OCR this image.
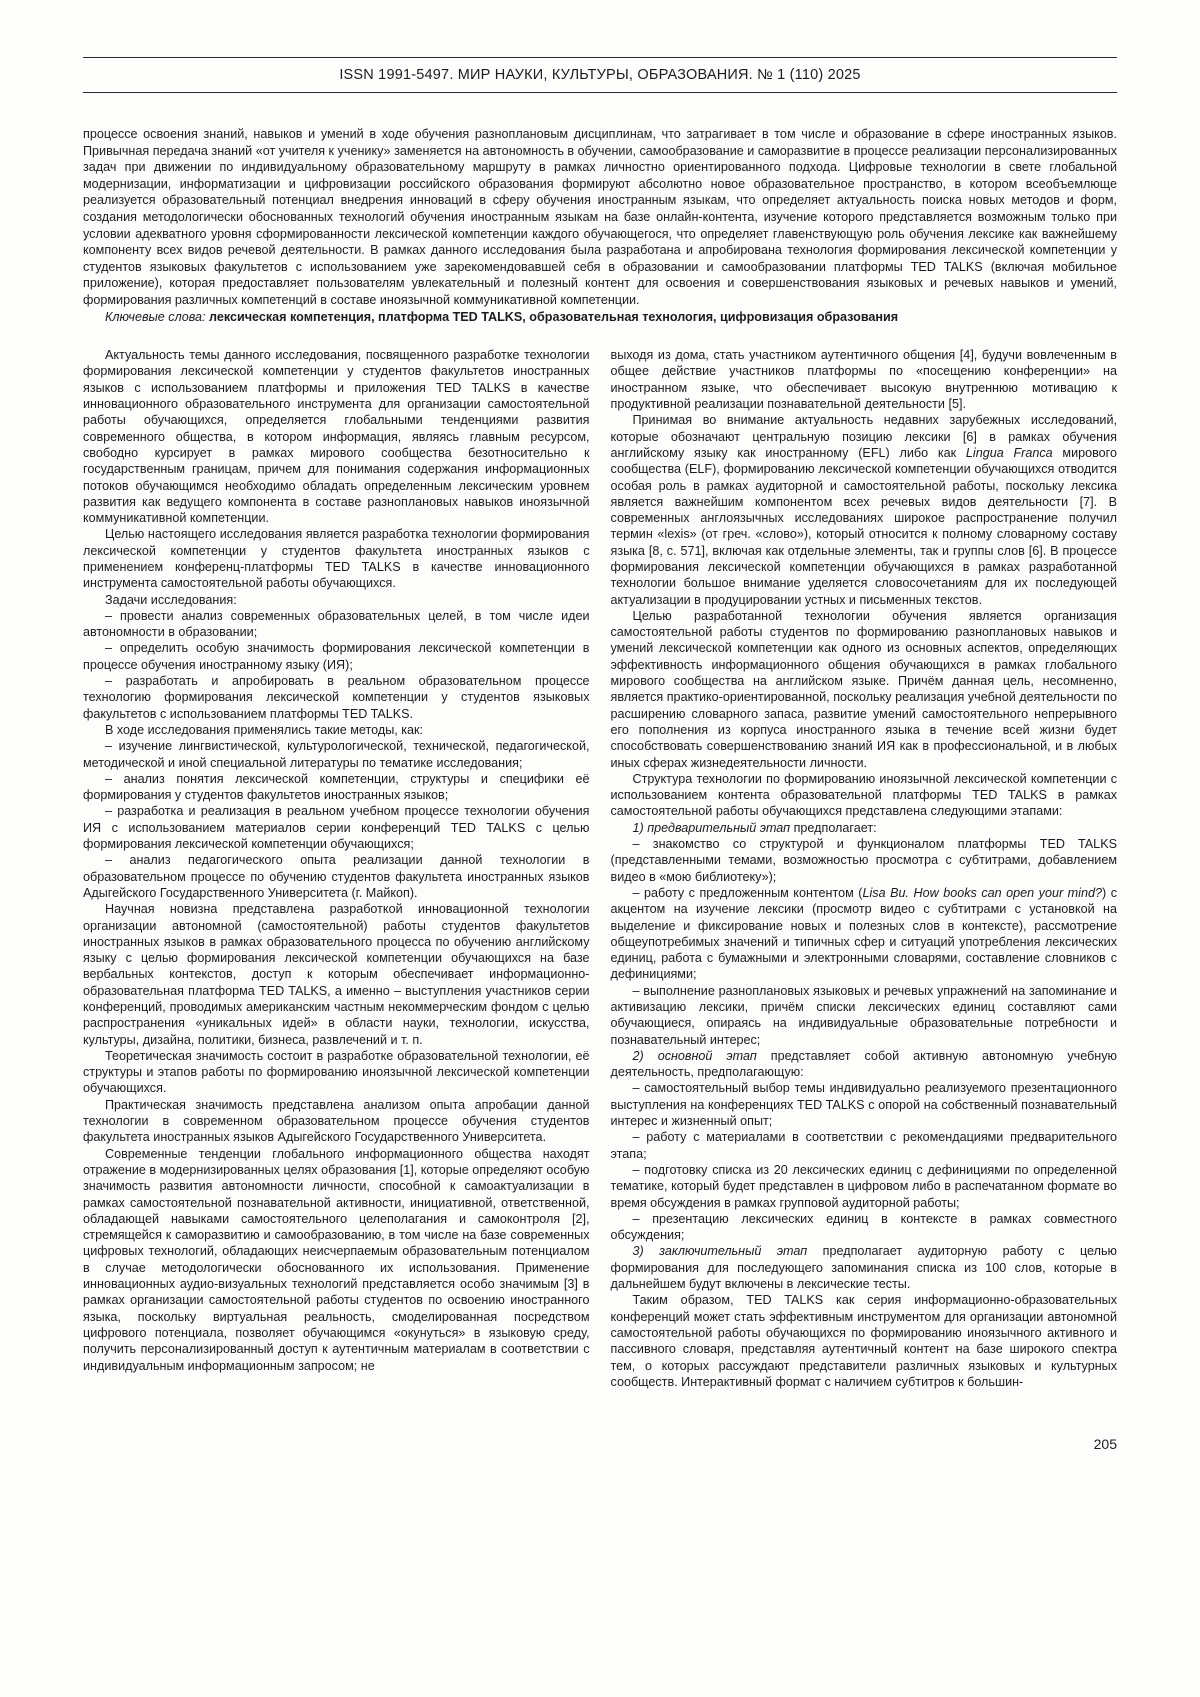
ISSN 1991-5497. МИР НАУКИ, КУЛЬТУРЫ, ОБРАЗОВАНИЯ. № 1 (110) 2025

процессе освоения знаний, навыков и умений в ходе обучения разноплановым дисциплинам, что затрагивает в том числе и образование в сфере иностранных языков. Привычная передача знаний «от учителя к ученику» заменяется на автономность в обучении, самообразование и саморазвитие в процессе реализации персонализированных задач при движении по индивидуальному образовательному маршруту в рамках личностно ориентированного подхода. Цифровые технологии в свете глобальной модернизации, информатизации и цифровизации российского образования формируют абсолютно новое образовательное пространство, в котором всеобъемлюще реализуется образовательный потенциал внедрения инноваций в сферу обучения иностранным языкам, что определяет актуальность поиска новых методов и форм, создания методологически обоснованных технологий обучения иностранным языкам на базе онлайн-контента, изучение которого представляется возможным только при условии адекватного уровня сформированности лексической компетенции каждого обучающегося, что определяет главенствующую роль обучения лексике как важнейшему компоненту всех видов речевой деятельности. В рамках данного исследования была разработана и апробирована технология формирования лексической компетенции у студентов языковых факультетов с использованием уже зарекомендовавшей себя в образовании и самообразовании платформы TED TALKS (включая мобильное приложение), которая предоставляет пользователям увлекательный и полезный контент для освоения и совершенствования языковых и речевых навыков и умений, формирования различных компетенций в составе иноязычной коммуникативной компетенции.

Ключевые слова: лексическая компетенция, платформа TED TALKS, образовательная технология, цифровизация образования

Актуальность темы данного исследования, посвященного разработке технологии формирования лексической компетенции у студентов факультетов иностранных языков с использованием платформы и приложения TED TALKS в качестве инновационного образовательного инструмента для организации самостоятельной работы обучающихся, определяется глобальными тенденциями развития современного общества, в котором информация, являясь главным ресурсом, свободно курсирует в рамках мирового сообщества безотносительно к государственным границам, причем для понимания содержания информационных потоков обучающимся необходимо обладать определенным лексическим уровнем развития как ведущего компонента в составе разноплановых навыков иноязычной коммуникативной компетенции.

Целью настоящего исследования является разработка технологии формирования лексической компетенции у студентов факультета иностранных языков с применением конференц-платформы TED TALKS в качестве инновационного инструмента самостоятельной работы обучающихся.

Задачи исследования:

– провести анализ современных образовательных целей, в том числе идеи автономности в образовании;

– определить особую значимость формирования лексической компетенции в процессе обучения иностранному языку (ИЯ);

– разработать и апробировать в реальном образовательном процессе технологию формирования лексической компетенции у студентов языковых факультетов с использованием платформы TED TALKS.

В ходе исследования применялись такие методы, как:

– изучение лингвистической, культурологической, технической, педагогической, методической и иной специальной литературы по тематике исследования;

– анализ понятия лексической компетенции, структуры и специфики её формирования у студентов факультетов иностранных языков;

– разработка и реализация в реальном учебном процессе технологии обучения ИЯ с использованием материалов серии конференций TED TALKS с целью формирования лексической компетенции обучающихся;

– анализ педагогического опыта реализации данной технологии в образовательном процессе по обучению студентов факультета иностранных языков Адыгейского Государственного Университета (г. Майкоп).

Научная новизна представлена разработкой инновационной технологии организации автономной (самостоятельной) работы студентов факультетов иностранных языков в рамках образовательного процесса по обучению английскому языку с целью формирования лексической компетенции обучающихся на базе вербальных контекстов, доступ к которым обеспечивает информационно-образовательная платформа TED TALKS, а именно – выступления участников серии конференций, проводимых американским частным некоммерческим фондом с целью распространения «уникальных идей» в области науки, технологии, искусства, культуры, дизайна, политики, бизнеса, развлечений и т. п.

Теоретическая значимость состоит в разработке образовательной технологии, её структуры и этапов работы по формированию иноязычной лексической компетенции обучающихся.

Практическая значимость представлена анализом опыта апробации данной технологии в современном образовательном процессе обучения студентов факультета иностранных языков Адыгейского Государственного Университета.

Современные тенденции глобального информационного общества находят отражение в модернизированных целях образования [1], которые определяют особую значимость развития автономности личности, способной к самоактуализации в рамках самостоятельной познавательной активности, инициативной, ответственной, обладающей навыками самостоятельного целеполагания и самоконтроля [2], стремящейся к саморазвитию и самообразованию, в том числе на базе современных цифровых технологий, обладающих неисчерпаемым образовательным потенциалом в случае методологически обоснованного их использования. Применение инновационных аудио-визуальных технологий представляется особо значимым [3] в рамках организации самостоятельной работы студентов по освоению иностранного языка, поскольку виртуальная реальность, смоделированная посредством цифрового потенциала, позволяет обучающимся «окунуться» в языковую среду, получить персонализированный доступ к аутентичным материалам в соответствии с индивидуальным информационным запросом; не

выходя из дома, стать участником аутентичного общения [4], будучи вовлеченным в общее действие участников платформы по «посещению конференции» на иностранном языке, что обеспечивает высокую внутреннюю мотивацию к продуктивной реализации познавательной деятельности [5].

Принимая во внимание актуальность недавних зарубежных исследований, которые обозначают центральную позицию лексики [6] в рамках обучения английскому языку как иностранному (EFL) либо как Lingua Franca мирового сообщества (ELF), формированию лексической компетенции обучающихся отводится особая роль в рамках аудиторной и самостоятельной работы, поскольку лексика является важнейшим компонентом всех речевых видов деятельности [7]. В современных англоязычных исследованиях широкое распространение получил термин «lexis» (от греч. «слово»), который относится к полному словарному составу языка [8, с. 571], включая как отдельные элементы, так и группы слов [6]. В процессе формирования лексической компетенции обучающихся в рамках разработанной технологии большое внимание уделяется словосочетаниям для их последующей актуализации в продуцировании устных и письменных текстов.

Целью разработанной технологии обучения является организация самостоятельной работы студентов по формированию разноплановых навыков и умений лексической компетенции как одного из основных аспектов, определяющих эффективность информационного общения обучающихся в рамках глобального мирового сообщества на английском языке. Причём данная цель, несомненно, является практико-ориентированной, поскольку реализация учебной деятельности по расширению словарного запаса, развитие умений самостоятельного непрерывного его пополнения из корпуса иностранного языка в течение всей жизни будет способствовать совершенствованию знаний ИЯ как в профессиональной, и в любых иных сферах жизнедеятельности личности.

Структура технологии по формированию иноязычной лексической компетенции с использованием контента образовательной платформы TED TALKS в рамках самостоятельной работы обучающихся представлена следующими этапами:

1) предварительный этап предполагает:

– знакомство со структурой и функционалом платформы TED TALKS (представленными темами, возможностью просмотра с субтитрами, добавлением видео в «мою библиотеку»);

– работу с предложенным контентом (Lisa Bu. How books can open your mind?) с акцентом на изучение лексики (просмотр видео с субтитрами с установкой на выделение и фиксирование новых и полезных слов в контексте), рассмотрение общеупотребимых значений и типичных сфер и ситуаций употребления лексических единиц, работа с бумажными и электронными словарями, составление словников с дефинициями;

– выполнение разноплановых языковых и речевых упражнений на запоминание и активизацию лексики, причём списки лексических единиц составляют сами обучающиеся, опираясь на индивидуальные образовательные потребности и познавательный интерес;

2) основной этап представляет собой активную автономную учебную деятельность, предполагающую:

– самостоятельный выбор темы индивидуально реализуемого презентационного выступления на конференциях TED TALKS с опорой на собственный познавательный интерес и жизненный опыт;

– работу с материалами в соответствии с рекомендациями предварительного этапа;

– подготовку списка из 20 лексических единиц с дефинициями по определенной тематике, который будет представлен в цифровом либо в распечатанном формате во время обсуждения в рамках групповой аудиторной работы;

– презентацию лексических единиц в контексте в рамках совместного обсуждения;

3) заключительный этап предполагает аудиторную работу с целью формирования для последующего запоминания списка из 100 слов, которые в дальнейшем будут включены в лексические тесты.

Таким образом, TED TALKS как серия информационно-образовательных конференций может стать эффективным инструментом для организации автономной самостоятельной работы обучающихся по формированию иноязычного активного и пассивного словаря, представляя аутентичный контент на базе широкого спектра тем, о которых рассуждают представители различных языковых и культурных сообществ. Интерактивный формат с наличием субтитров к большин-

205
